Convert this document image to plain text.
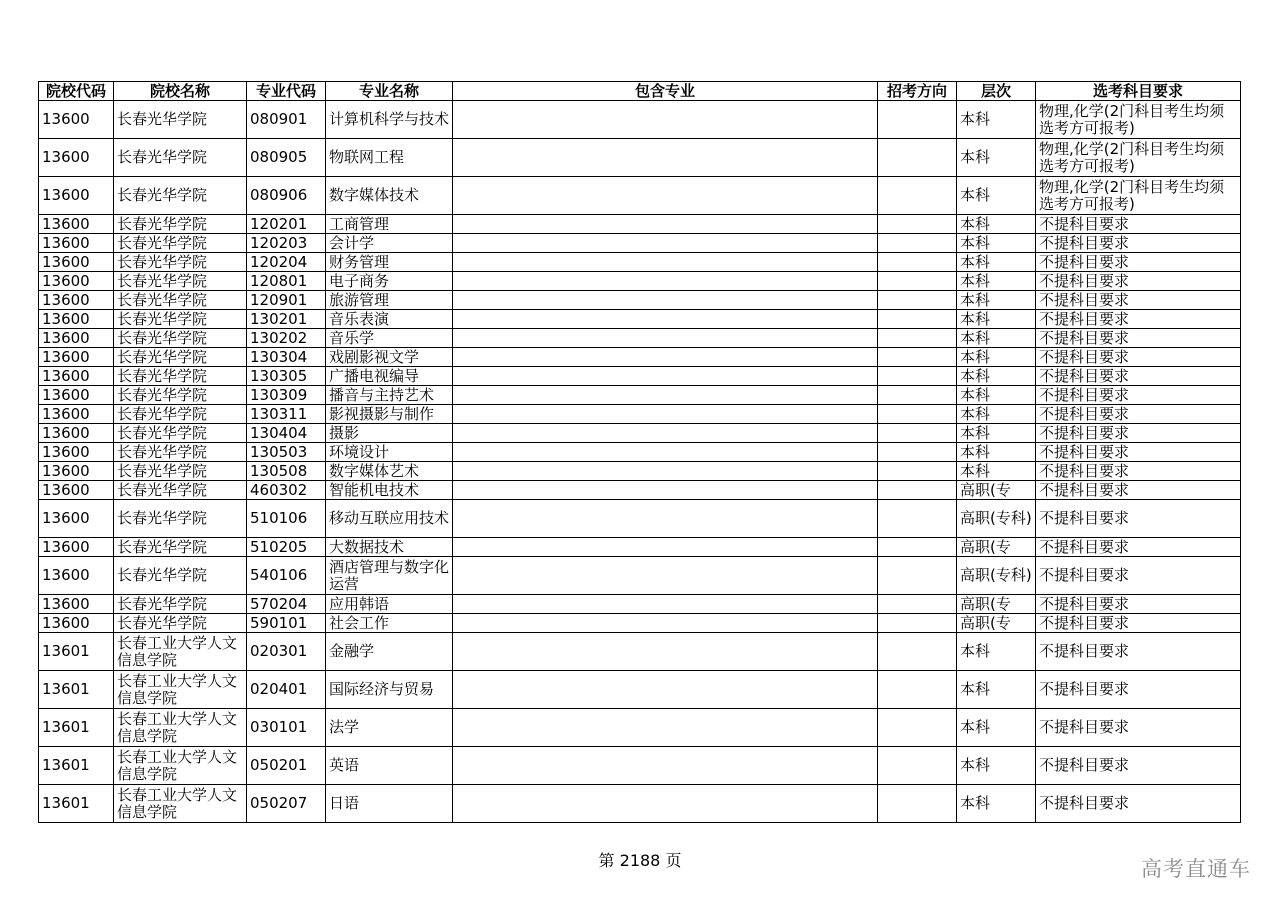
院校代码	院校名称	专业代码	专业名称	包含专业	招考方向	层次	选考科目要求
13600	长春光华学院	080901	计算机科学与技术			本科	物理,化学(2门科目考生均须选考方可报考)
13600	长春光华学院	080905	物联网工程			本科	物理,化学(2门科目考生均须选考方可报考)
13600	长春光华学院	080906	数字媒体技术			本科	物理,化学(2门科目考生均须选考方可报考)
13600	长春光华学院	120201	工商管理			本科	不提科目要求
13600	长春光华学院	120203	会计学			本科	不提科目要求
13600	长春光华学院	120204	财务管理			本科	不提科目要求
13600	长春光华学院	120801	电子商务			本科	不提科目要求
13600	长春光华学院	120901	旅游管理			本科	不提科目要求
13600	长春光华学院	130201	音乐表演			本科	不提科目要求
13600	长春光华学院	130202	音乐学			本科	不提科目要求
13600	长春光华学院	130304	戏剧影视文学			本科	不提科目要求
13600	长春光华学院	130305	广播电视编导			本科	不提科目要求
13600	长春光华学院	130309	播音与主持艺术			本科	不提科目要求
13600	长春光华学院	130311	影视摄影与制作			本科	不提科目要求
13600	长春光华学院	130404	摄影			本科	不提科目要求
13600	长春光华学院	130503	环境设计			本科	不提科目要求
13600	长春光华学院	130508	数字媒体艺术			本科	不提科目要求
13600	长春光华学院	460302	智能机电技术			高职(专	不提科目要求
13600	长春光华学院	510106	移动互联应用技术			高职(专科)	不提科目要求
13600	长春光华学院	510205	大数据技术			高职(专	不提科目要求
13600	长春光华学院	540106	酒店管理与数字化运营			高职(专科)	不提科目要求
13600	长春光华学院	570204	应用韩语			高职(专	不提科目要求
13600	长春光华学院	590101	社会工作			高职(专	不提科目要求
13601	长春工业大学人文信息学院	020301	金融学			本科	不提科目要求
13601	长春工业大学人文信息学院	020401	国际经济与贸易			本科	不提科目要求
13601	长春工业大学人文信息学院	030101	法学			本科	不提科目要求
13601	长春工业大学人文信息学院	050201	英语			本科	不提科目要求
13601	长春工业大学人文信息学院	050207	日语			本科	不提科目要求
第 2188 页	高考直通车
